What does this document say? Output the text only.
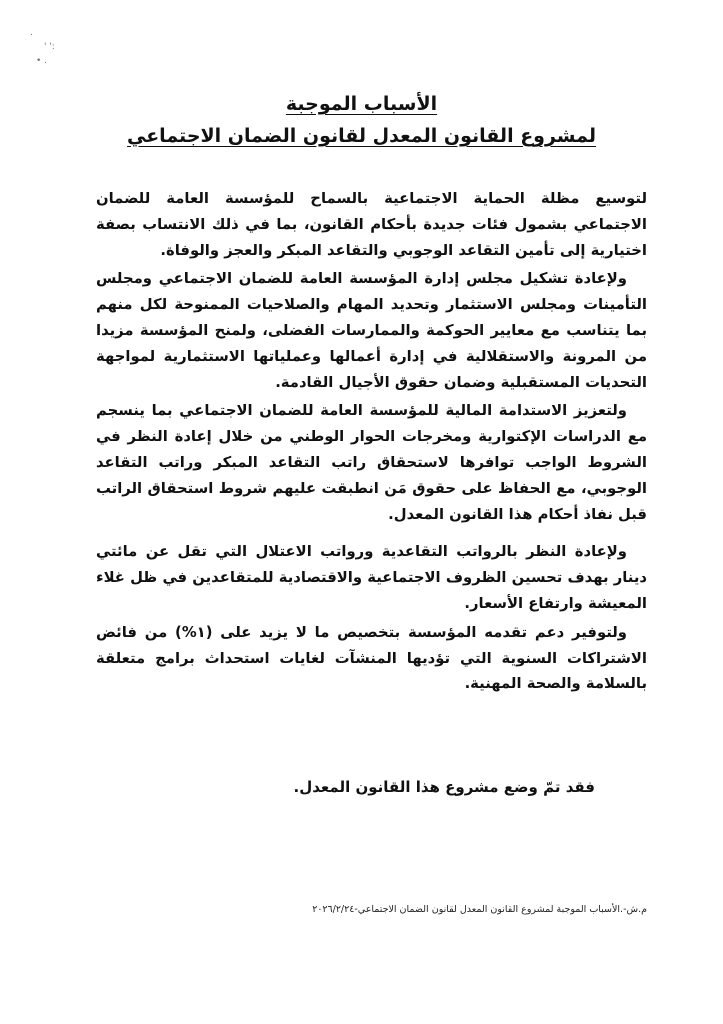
.
' ':
• .

الأسباب الموجبة

لمشروع القانون المعدل لقانون الضمان الاجتماعي

لتوسيع مظلة الحماية الاجتماعية بالسماح للمؤسسة العامة للضمان الاجتماعي بشمول فئات جديدة بأحكام القانون، بما في ذلك الانتساب بصفة اختيارية إلى تأمين التقاعد الوجوبي والتقاعد المبكر والعجز والوفاة.

ولإعادة تشكيل مجلس إدارة المؤسسة العامة للضمان الاجتماعي ومجلس التأمينات ومجلس الاستثمار وتحديد المهام والصلاحيات الممنوحة لكل منهم بما يتناسب مع معايير الحوكمة والممارسات الفضلى، ولمنح المؤسسة مزيدا من المرونة والاستقلالية في إدارة أعمالها وعملياتها الاستثمارية لمواجهة التحديات المستقبلية وضمان حقوق الأجيال القادمة.

ولتعزيز الاستدامة المالية للمؤسسة العامة للضمان الاجتماعي بما ينسجم مع الدراسات الإكتوارية ومخرجات الحوار الوطني من خلال إعادة النظر في الشروط الواجب توافرها لاستحقاق راتب التقاعد المبكر وراتب التقاعد الوجوبي، مع الحفاظ على حقوق مَن انطبقت عليهم شروط استحقاق الراتب قبل نفاذ أحكام هذا القانون المعدل.

ولإعادة النظر بالرواتب التقاعدية ورواتب الاعتلال التي تقل عن مائتي دينار بهدف تحسين الظروف الاجتماعية والاقتصادية للمتقاعدين في ظل غلاء المعيشة وارتفاع الأسعار.

ولتوفير دعم تقدمه المؤسسة بتخصيص ما لا يزيد على (١%) من فائض الاشتراكات السنوية التي تؤديها المنشآت لغايات استحداث برامج متعلقة بالسلامة والصحة المهنية.

فقد تمّ وضع مشروع هذا القانون المعدل.
م.ش-.الأسباب الموجبة لمشروع القانون المعدل لقانون الضمان الاجتماعي-٢٠٢٦/٢/٢٤
